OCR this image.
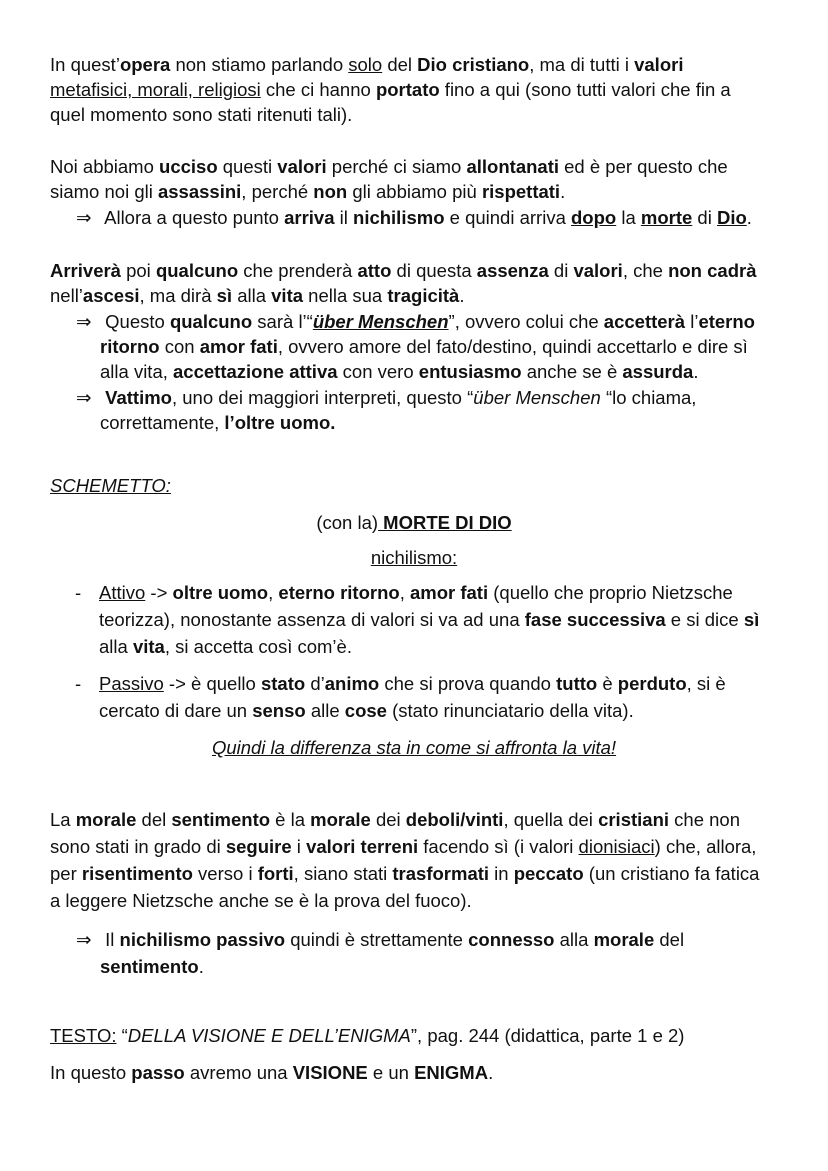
In quest’opera non stiamo parlando solo del Dio cristiano, ma di tutti i valori
metafisici, morali, religiosi che ci hanno portato fino a qui (sono tutti valori che fin a
quel momento sono stati ritenuti tali).

Noi abbiamo ucciso questi valori perché ci siamo allontanati ed è per questo che
siamo noi gli assassini, perché non gli abbiamo più rispettati.

⇒ Allora a questo punto arriva il nichilismo e quindi arriva dopo la morte di Dio.

Arriverà poi qualcuno che prenderà atto di questa assenza di valori, che non cadrà
nell’ascesi, ma dirà sì alla vita nella sua tragicità.

⇒ Questo qualcuno sarà l’“über Menschen”, ovvero colui che accetterà l’eterno
ritorno con amor fati, ovvero amore del fato/destino, quindi accettarlo e dire sì
alla vita, accettazione attiva con vero entusiasmo anche se è assurda.
⇒ Vattimo, uno dei maggiori interpreti, questo “über Menschen “lo chiama,
correttamente, l’oltre uomo.

SCHEMETTO:

(con la) MORTE DI DIO
nichilismo:
- Attivo -> oltre uomo, eterno ritorno, amor fati (quello che proprio Nietzsche
teorizza), nonostante assenza di valori si va ad una fase successiva e si dice sì
alla vita, si accetta così com’è.
- Passivo -> è quello stato d’animo che si prova quando tutto è perduto, si è
cercato di dare un senso alle cose (stato rinunciatario della vita).
Quindi la differenza sta in come si affronta la vita!

La morale del sentimento è la morale dei deboli/vinti, quella dei cristiani che non
sono stati in grado di seguire i valori terreni facendo sì (i valori dionisiaci) che, allora,
per risentimento verso i forti, siano stati trasformati in peccato (un cristiano fa fatica
a leggere Nietzsche anche se è la prova del fuoco).

⇒ Il nichilismo passivo quindi è strettamente connesso alla morale del
sentimento.

TESTO: “DELLA VISIONE E DELL’ENIGMA”, pag. 244 (didattica, parte 1 e 2)

In questo passo avremo una VISIONE e un ENIGMA.
